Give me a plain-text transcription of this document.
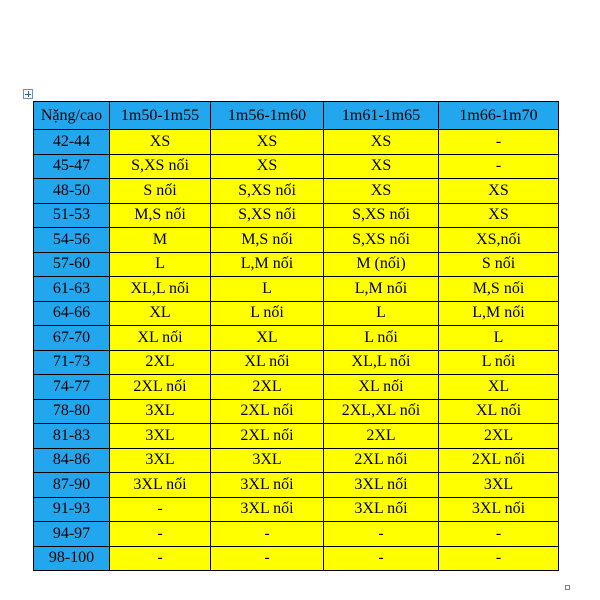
Nặng/cao	1m50-1m55	1m56-1m60	1m61-1m65	1m66-1m70
42-44	XS	XS	XS	-
45-47	S,XS nối	XS	XS	-
48-50	S nối	S,XS nối	XS	XS
51-53	M,S nối	S,XS nối	S,XS nối	XS
54-56	M	M,S nối	S,XS nối	XS,nối
57-60	L	L,M nối	M (nối)	S nối
61-63	XL,L nối	L	L,M nối	M,S nối
64-66	XL	L nối	L	L,M nối
67-70	XL nối	XL	L nối	L
71-73	2XL	XL nối	XL,L nối	L nối
74-77	2XL nối	2XL	XL nối	XL
78-80	3XL	2XL nối	2XL,XL nối	XL nối
81-83	3XL	2XL nối	2XL	2XL
84-86	3XL	3XL	2XL nối	2XL nối
87-90	3XL nối	3XL nối	3XL nối	3XL
91-93	-	3XL nối	3XL nối	3XL nối
94-97	-	-	-	-
98-100	-	-	-	-
